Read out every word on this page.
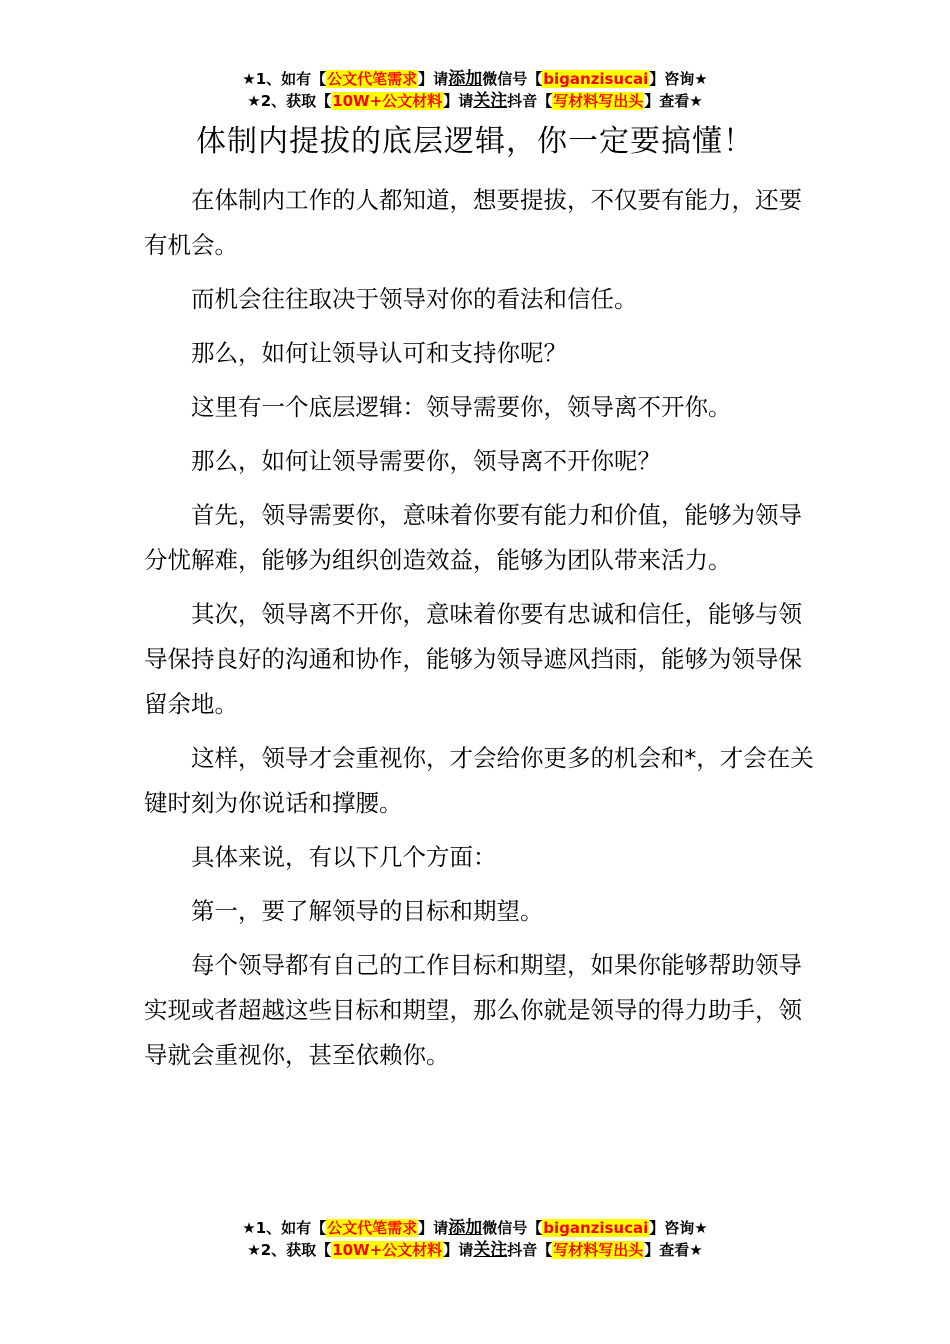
★1、如有【公文代笔需求】请添加微信号【biganzisucai】咨询★
★2、获取【10W+公文材料】请关注抖音【写材料写出头】查看★
体制内提拔的底层逻辑，你一定要搞懂！

在体制内工作的人都知道，想要提拔，不仅要有能力，还要有机会。

而机会往往取决于领导对你的看法和信任。

那么，如何让领导认可和支持你呢？

这里有一个底层逻辑：领导需要你，领导离不开你。

那么，如何让领导需要你，领导离不开你呢？

首先，领导需要你，意味着你要有能力和价值，能够为领导分忧解难，能够为组织创造效益，能够为团队带来活力。

其次，领导离不开你，意味着你要有忠诚和信任，能够与领导保持良好的沟通和协作，能够为领导遮风挡雨，能够为领导保留余地。

这样，领导才会重视你，才会给你更多的机会和*，才会在关键时刻为你说话和撑腰。

具体来说，有以下几个方面：

第一，要了解领导的目标和期望。

每个领导都有自己的工作目标和期望，如果你能够帮助领导实现或者超越这些目标和期望，那么你就是领导的得力助手，领导就会重视你，甚至依赖你。

★1、如有【公文代笔需求】请添加微信号【biganzisucai】咨询★
★2、获取【10W+公文材料】请关注抖音【写材料写出头】查看★
